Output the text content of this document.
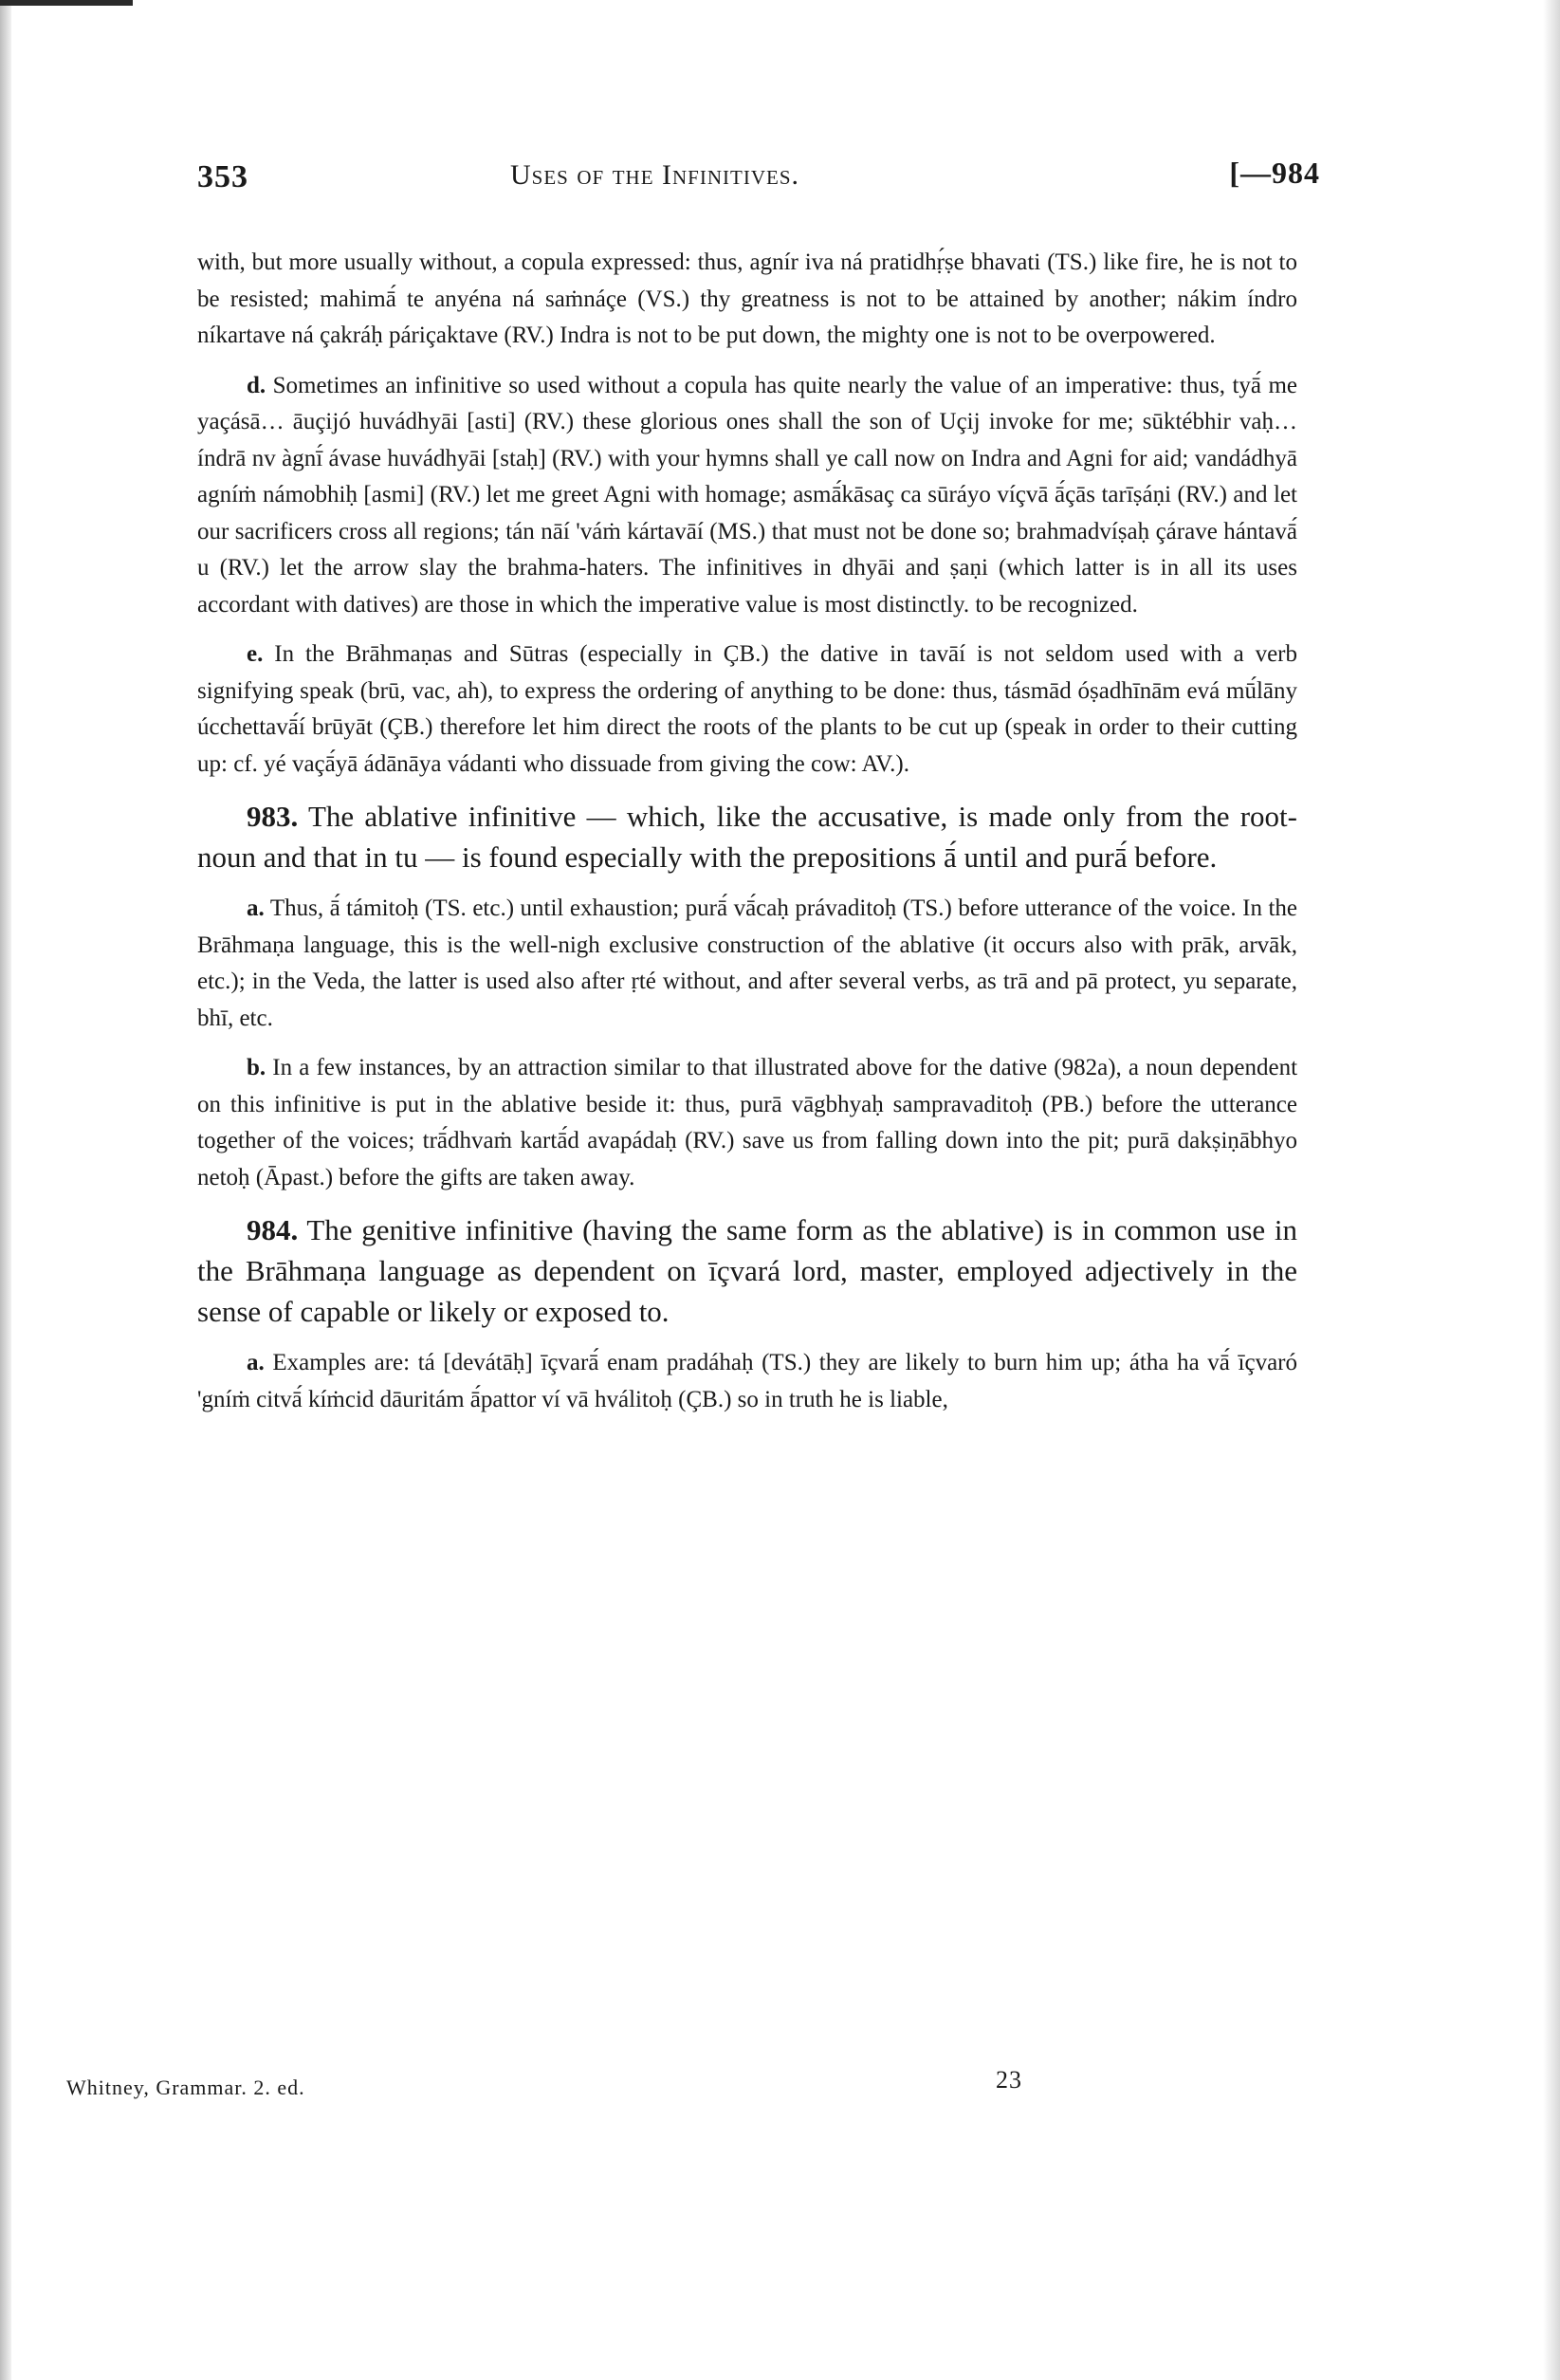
353	Uses of the Infinitives.	[—984

with, but more usually without, a copula expressed: thus, agnír iva ná pratidhṛ́ṣe bhavati (TS.) like fire, he is not to be resisted; mahimā́ te anyéna ná saṁnáçe (VS.) thy greatness is not to be attained by another; nákim índro níkartave ná çakráḥ páriçaktave (RV.) Indra is not to be put down, the mighty one is not to be overpowered.

d. Sometimes an infinitive so used without a copula has quite nearly the value of an imperative: thus, tyā́ me yaçásā… āuçijó huvádhyāi [asti] (RV.) these glorious ones shall the son of Uçij invoke for me; sūktébhir vaḥ… índrā nv àgnī́ ávase huvádhyāi [staḥ] (RV.) with your hymns shall ye call now on Indra and Agni for aid; vandádhyā agníṁ námobhiḥ [asmi] (RV.) let me greet Agni with homage; asmā́kāsaç ca sūráyo víçvā ā́çās tarīṣáṇi (RV.) and let our sacrificers cross all regions; tán nāí 'váṁ kártavāí (MS.) that must not be done so; brahmadvíṣaḥ çárave hántavā́ u (RV.) let the arrow slay the brahma-haters. The infinitives in dhyāi and ṣaṇi (which latter is in all its uses accordant with datives) are those in which the imperative value is most distinctly. to be recognized.

e. In the Brāhmaṇas and Sūtras (especially in ÇB.) the dative in tavāí is not seldom used with a verb signifying speak (brū, vac, ah), to express the ordering of anything to be done: thus, tásmād óṣadhīnām evá mū́lāny úcchettavā́í brūyāt (ÇB.) therefore let him direct the roots of the plants to be cut up (speak in order to their cutting up: cf. yé vaçā́yā ádānāya vádanti who dissuade from giving the cow: AV.).

983. The ablative infinitive — which, like the accusative, is made only from the root-noun and that in tu — is found especially with the prepositions ā́ until and purā́ before.

a. Thus, ā́ támitoḥ (TS. etc.) until exhaustion; purā́ vā́caḥ právaditoḥ (TS.) before utterance of the voice. In the Brāhmaṇa language, this is the well-nigh exclusive construction of the ablative (it occurs also with prāk, arvāk, etc.); in the Veda, the latter is used also after ṛté without, and after several verbs, as trā and pā protect, yu separate, bhī, etc.

b. In a few instances, by an attraction similar to that illustrated above for the dative (982a), a noun dependent on this infinitive is put in the ablative beside it: thus, purā vāgbhyaḥ sampravaditoḥ (PB.) before the utterance together of the voices; trā́dhvaṁ kartā́d avapádaḥ (RV.) save us from falling down into the pit; purā dakṣiṇābhyo netoḥ (Āpast.) before the gifts are taken away.

984. The genitive infinitive (having the same form as the ablative) is in common use in the Brāhmaṇa language as dependent on īçvará lord, master, employed adjectively in the sense of capable or likely or exposed to.

a. Examples are: tá [devátāḥ] īçvarā́ enam pradáhaḥ (TS.) they are likely to burn him up; átha ha vā́ īçvaró 'gníṁ citvā́ kíṁcid dāuritám ā́pattor ví vā hválitoḥ (ÇB.) so in truth he is liable,

Whitney, Grammar. 2. ed.	23
